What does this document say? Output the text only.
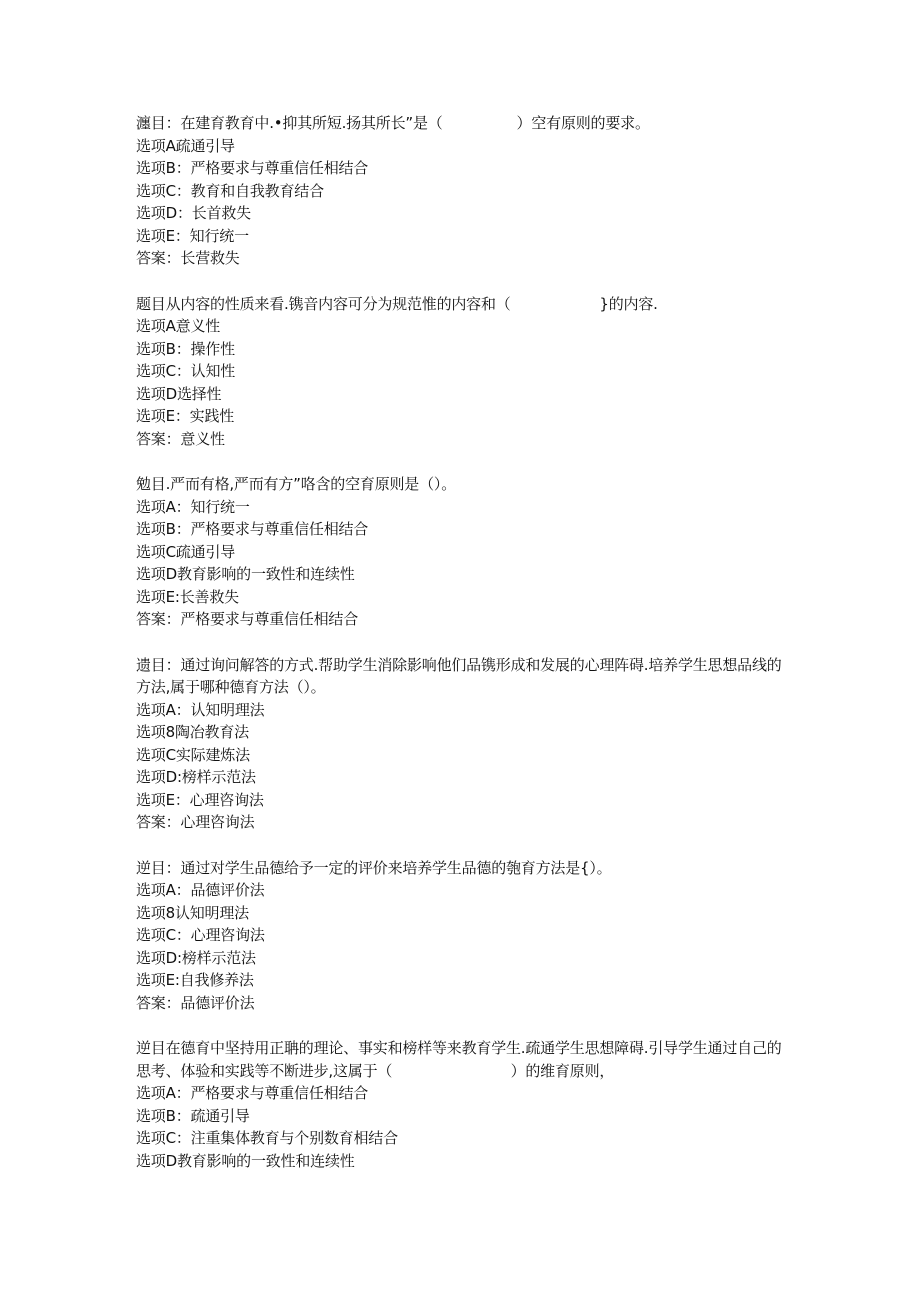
瀍目：在建育教育中.•抑其所短.扬其所长”是（　　　　　）空有原则的要求。
选项A疏通引导
选项B：严格要求与尊重信任相结合
选项C：教育和自我教育结合
选项D：长首救失
选项E：知行统一
答案：长营救失
题目从内容的性质来看.镌音内容可分为规范惟的内容和（　　　　　　}的内容.
选项A意义性
选项B：操作性
选项C：认知性
选项D选择性
选项E：实践性
答案：意义性
勉目.严而有格,严而有方”咯含的空育原则是（）。
选项A：知行统一
选项B：严格要求与尊重信任相结合
选项C疏通引导
选项D教育影响的一致性和连续性
选项E:长善救失
答案：严格要求与尊重信任相结合
遗目：通过询问解答的方式.帮助学生消除影响他们品镌形成和发展的心理阵碍.培养学生思想品线的方法,属于哪种德育方法（）。
选项A：认知明理法
选项8陶冶教育法
选项C实际建炼法
选项D:榜样示范法
选项E：心理咨询法
答案：心理咨询法
逆目：通过对学生品德给予一定的评价来培养学生品德的匏育方法是{）。
选项A：品德评价法
选项8认知明理法
选项C：心理咨询法
选项D:榜样示范法
选项E:自我修养法
答案：品德评价法
逆目在德育中坚持用正聃的理论、事实和榜样等来教育学生.疏通学生思想障碍.引导学生通过自己的思考、体验和实践等不断进步,这属于（　　　　　　　　）的维育原则，
选项A：严格要求与尊重信任相结合
选项B：疏通引导
选项C：注重集体教育与个别数育相结合
选项D教育影响的一致性和连续性
